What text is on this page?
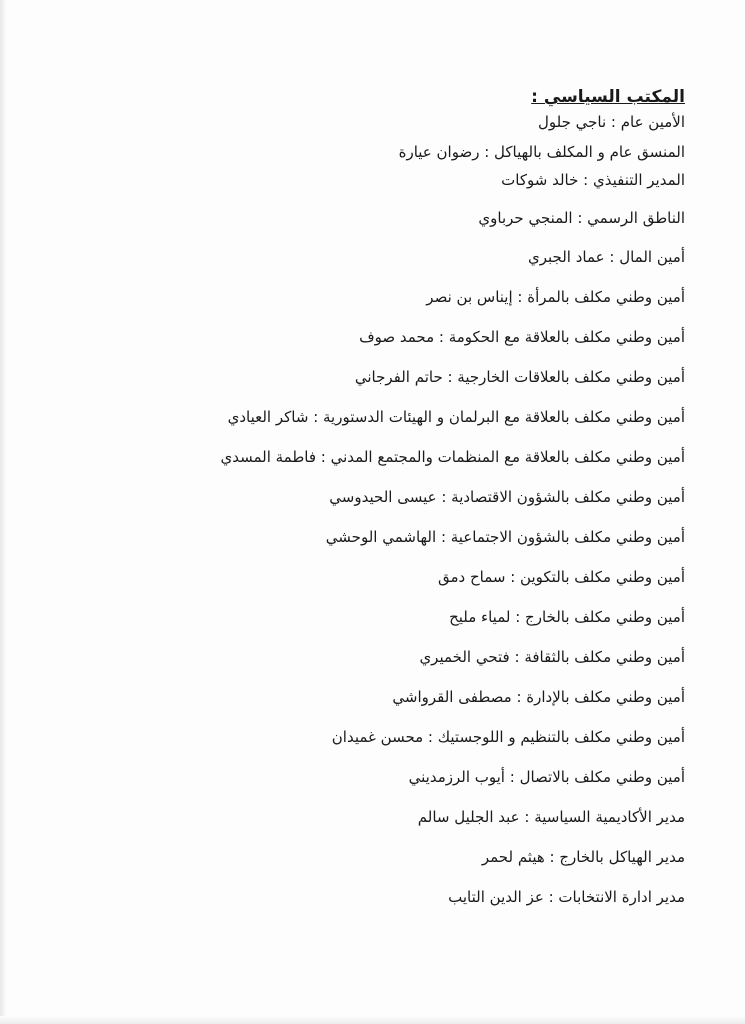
المكتب السياسي :
الأمين عام : ناجي جلول
المنسق عام و المكلف بالهياكل : رضوان عيارة
المدير التنفيذي : خالد شوكات
الناطق الرسمي : المنجي حرباوي
أمين المال : عماد الجبري
أمين وطني مكلف بالمرأة : إيناس بن نصر
أمين وطني مكلف بالعلاقة مع الحكومة : محمد صوف
أمين وطني مكلف بالعلاقات الخارجية : حاتم الفرجاني
أمين وطني مكلف بالعلاقة مع البرلمان و الهيئات الدستورية : شاكر العيادي
أمين وطني مكلف بالعلاقة مع المنظمات والمجتمع المدني : فاطمة المسدي
أمين وطني مكلف بالشؤون الاقتصادية : عيسى الحيدوسي
أمين وطني مكلف بالشؤون الاجتماعية : الهاشمي الوحشي
أمين وطني مكلف بالتكوين : سماح دمق
أمين وطني مكلف بالخارج : لمياء مليح
أمين وطني مكلف بالثقافة : فتحي الخميري
أمين وطني مكلف بالإدارة : مصطفى القرواشي
أمين وطني مكلف بالتنظيم و اللوجستيك : محسن غميدان
أمين وطني مكلف بالاتصال : أيوب الرزمديني
مدير الأكاديمية السياسية : عبد الجليل سالم
مدير الهياكل بالخارج : هيثم لحمر
مدير ادارة الانتخابات : عز الدين التايب
